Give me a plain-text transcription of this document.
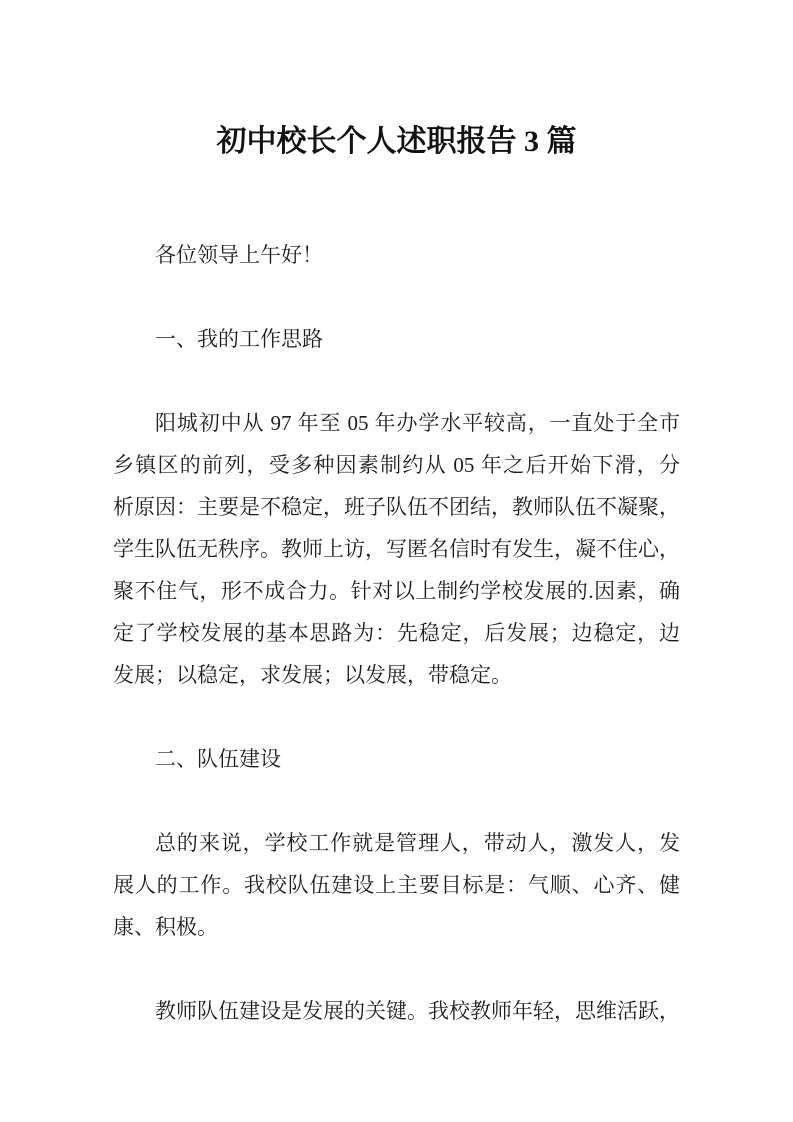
初中校长个人述职报告 3 篇
各位领导上午好！
一、我的工作思路
阳城初中从 97 年至 05 年办学水平较高，一直处于全市
乡镇区的前列，受多种因素制约从 05 年之后开始下滑，分
析原因：主要是不稳定，班子队伍不团结，教师队伍不凝聚，
学生队伍无秩序。教师上访，写匿名信时有发生，凝不住心，
聚不住气，形不成合力。针对以上制约学校发展的.因素，确
定了学校发展的基本思路为：先稳定，后发展；边稳定，边
发展；以稳定，求发展；以发展，带稳定。
二、队伍建设
总的来说，学校工作就是管理人，带动人，激发人，发
展人的工作。我校队伍建设上主要目标是：气顺、心齐、健
康、积极。
教师队伍建设是发展的关键。我校教师年轻，思维活跃，
